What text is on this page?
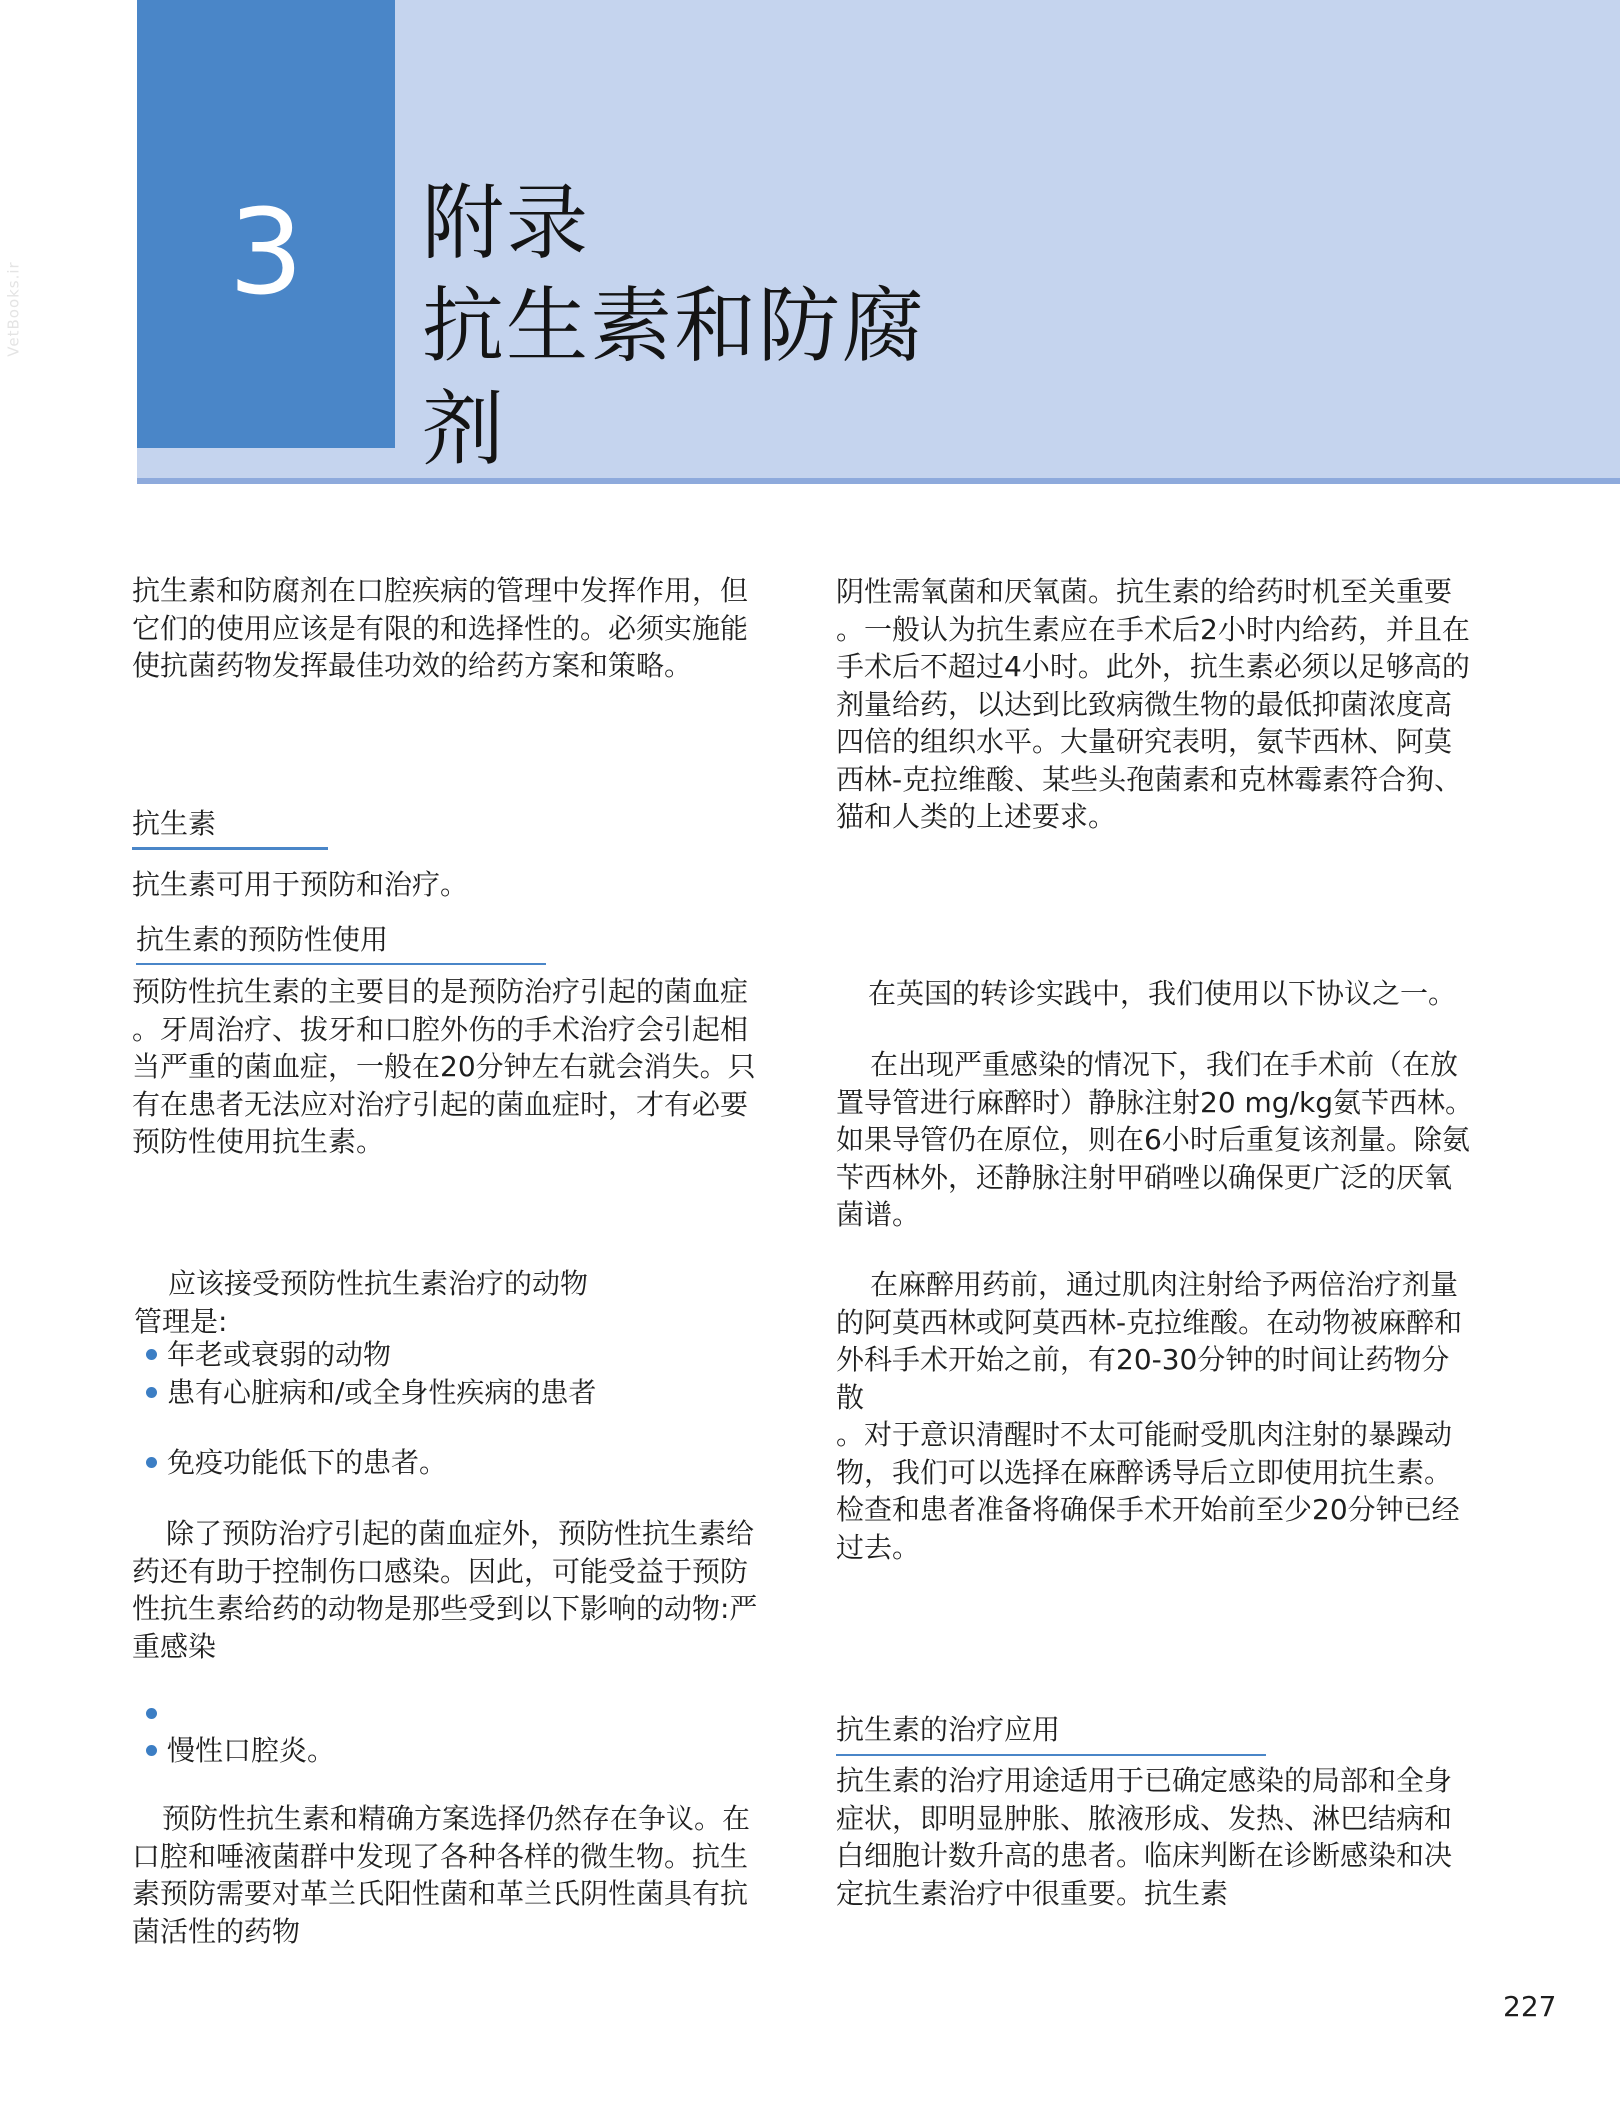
3	附录
抗生素和防腐
剂
VetBooks.ir

抗生素和防腐剂在口腔疾病的管理中发挥作用，但

它们的使用应该是有限的和选择性的。必须实施能

使抗菌药物发挥最佳功效的给药方案和策略。

抗生素

抗生素可用于预防和治疗。

抗生素的预防性使用

预防性抗生素的主要目的是预防治疗引起的菌血症

。牙周治疗、拔牙和口腔外伤的手术治疗会引起相

当严重的菌血症，一般在20分钟左右就会消失。只

有在患者无法应对治疗引起的菌血症时，才有必要

预防性使用抗生素。

应该接受预防性抗生素治疗的动物

管理是:

年老或衰弱的动物
患有心脏病和/或全身性疾病的患者
免疫功能低下的患者。

除了预防治疗引起的菌血症外，预防性抗生素给

药还有助于控制伤口感染。因此，可能受益于预防

性抗生素给药的动物是那些受到以下影响的动物:严

重感染

慢性口腔炎。

预防性抗生素和精确方案选择仍然存在争议。在

口腔和唾液菌群中发现了各种各样的微生物。抗生

素预防需要对革兰氏阳性菌和革兰氏阴性菌具有抗

菌活性的药物

阴性需氧菌和厌氧菌。抗生素的给药时机至关重要

。一般认为抗生素应在手术后2小时内给药，并且在

手术后不超过4小时。此外，抗生素必须以足够高的

剂量给药，以达到比致病微生物的最低抑菌浓度高

四倍的组织水平。大量研究表明，氨苄西林、阿莫

西林-克拉维酸、某些头孢菌素和克林霉素符合狗、

猫和人类的上述要求。

在英国的转诊实践中，我们使用以下协议之一。

在出现严重感染的情况下，我们在手术前（在放

置导管进行麻醉时）静脉注射20 mg/kg氨苄西林。

如果导管仍在原位，则在6小时后重复该剂量。除氨

苄西林外，还静脉注射甲硝唑以确保更广泛的厌氧

菌谱。

在麻醉用药前，通过肌肉注射给予两倍治疗剂量

的阿莫西林或阿莫西林-克拉维酸。在动物被麻醉和

外科手术开始之前，有20-30分钟的时间让药物分散

。对于意识清醒时不太可能耐受肌肉注射的暴躁动

物，我们可以选择在麻醉诱导后立即使用抗生素。

检查和患者准备将确保手术开始前至少20分钟已经

过去。

抗生素的治疗应用

抗生素的治疗用途适用于已确定感染的局部和全身

症状，即明显肿胀、脓液形成、发热、淋巴结病和

白细胞计数升高的患者。临床判断在诊断感染和决

定抗生素治疗中很重要。抗生素

227
